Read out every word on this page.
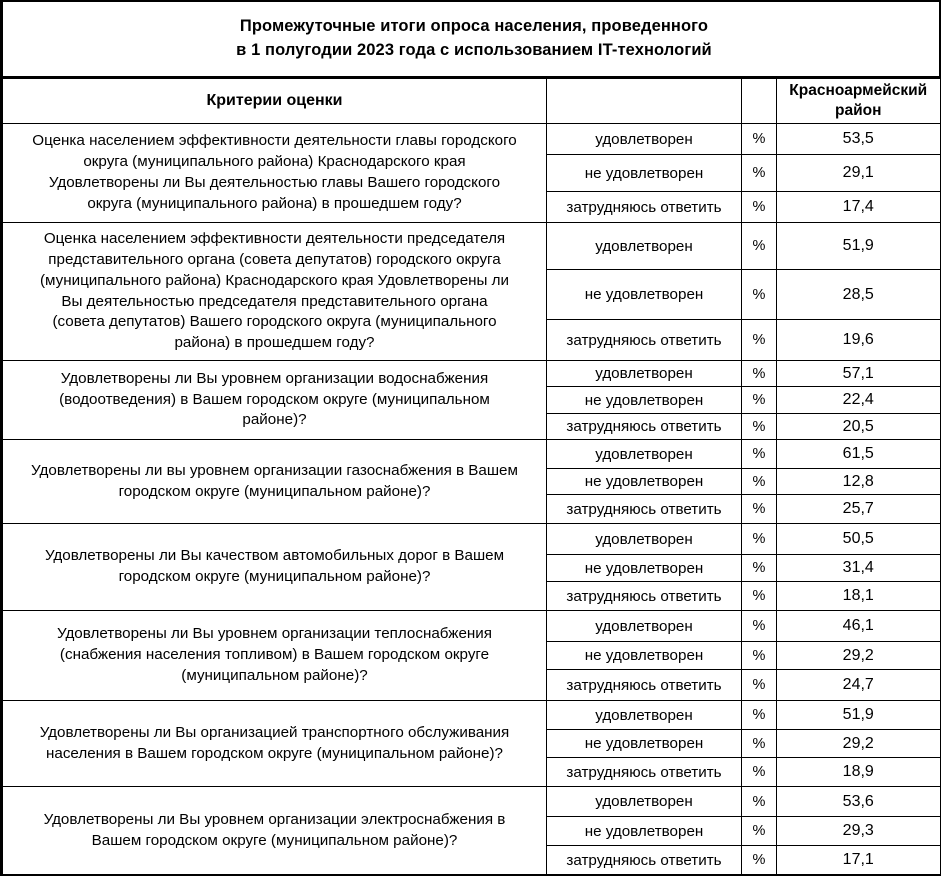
Промежуточные итоги опроса населения, проведенного
в 1 полугодии 2023 года с использованием IT-технологий
Критерии оценки			Красноармейский
район

Оценка населением эффективности деятельности главы городского
округа (муниципального района) Краснодарского края
Удовлетворены ли Вы деятельностью главы Вашего городского
округа (муниципального района) в прошедшем году?	удовлетворен	%	53,5
	не удовлетворен	%	29,1
	затрудняюсь ответить	%	17,4

Оценка населением эффективности деятельности председателя
представительного органа (совета депутатов) городского округа
(муниципального района) Краснодарского края Удовлетворены ли
Вы деятельностью председателя представительного органа
(совета депутатов) Вашего городского округа (муниципального
района) в прошедшем году?
	удовлетворен	%	51,9
	не удовлетворен	%	28,5
	затрудняюсь ответить	%	19,6

Удовлетворены ли Вы уровнем организации водоснабжения
(водоотведения) в Вашем городском округе (муниципальном
районе)?	удовлетворен	%	57,1
	не удовлетворен	%	22,4
	затрудняюсь ответить	%	20,5

Удовлетворены ли вы уровнем организации газоснабжения в Вашем
городском округе (муниципальном районе)?	удовлетворен	%	61,5
	не удовлетворен	%	12,8
	затрудняюсь ответить	%	25,7

Удовлетворены ли Вы качеством автомобильных дорог в Вашем
городском округе (муниципальном районе)?	удовлетворен	%	50,5
	не удовлетворен	%	31,4
	затрудняюсь ответить	%	18,1

Удовлетворены ли Вы уровнем организации теплоснабжения
(снабжения населения топливом) в Вашем городском округе
(муниципальном районе)?	удовлетворен	%	46,1
	не удовлетворен	%	29,2
	затрудняюсь ответить	%	24,7

Удовлетворены ли Вы организацией транспортного обслуживания
населения в Вашем городском округе (муниципальном районе)?	удовлетворен	%	51,9
	не удовлетворен	%	29,2
	затрудняюсь ответить	%	18,9

Удовлетворены ли Вы уровнем организации электроснабжения в
Вашем городском округе (муниципальном районе)?	удовлетворен	%	53,6
	не удовлетворен	%	29,3
	затрудняюсь ответить	%	17,1
